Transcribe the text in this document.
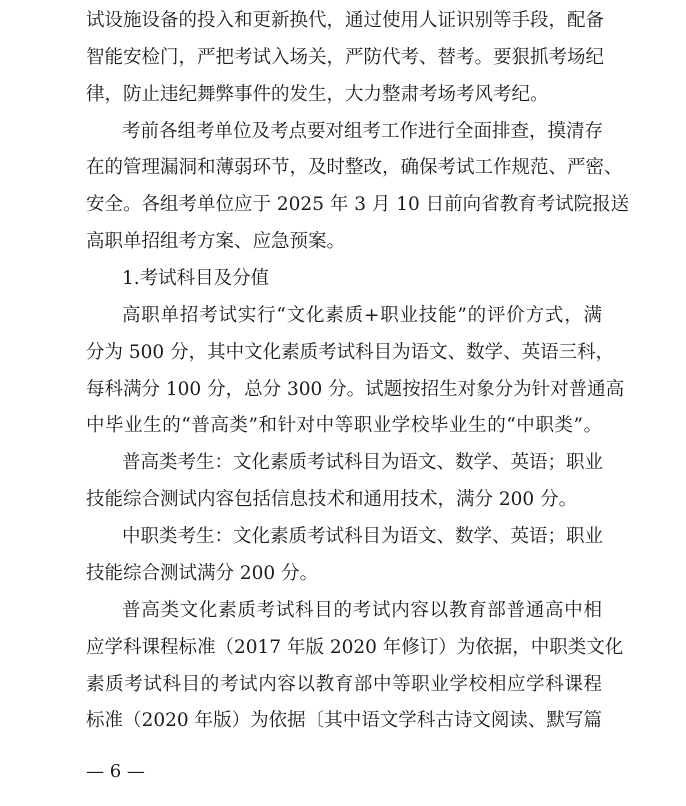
试设施设备的投入和更新换代，通过使用人证识别等手段，配备
智能安检门，严把考试入场关，严防代考、替考。要狠抓考场纪
律，防止违纪舞弊事件的发生，大力整肃考场考风考纪。
考前各组考单位及考点要对组考工作进行全面排查，摸清存
在的管理漏洞和薄弱环节，及时整改，确保考试工作规范、严密、
安全。各组考单位应于 2025 年 3 月 10 日前向省教育考试院报送
高职单招组考方案、应急预案。
1.考试科目及分值
高职单招考试实行“文化素质+职业技能”的评价方式，满
分为 500 分，其中文化素质考试科目为语文、数学、英语三科，
每科满分 100 分，总分 300 分。试题按招生对象分为针对普通高
中毕业生的“普高类”和针对中等职业学校毕业生的“中职类”。
普高类考生：文化素质考试科目为语文、数学、英语；职业
技能综合测试内容包括信息技术和通用技术，满分 200 分。
中职类考生：文化素质考试科目为语文、数学、英语；职业
技能综合测试满分 200 分。
普高类文化素质考试科目的考试内容以教育部普通高中相
应学科课程标准（2017 年版 2020 年修订）为依据，中职类文化
素质考试科目的考试内容以教育部中等职业学校相应学科课程
— 6 —
标准（2020 年版）为依据〔其中语文学科古诗文阅读、默写篇
